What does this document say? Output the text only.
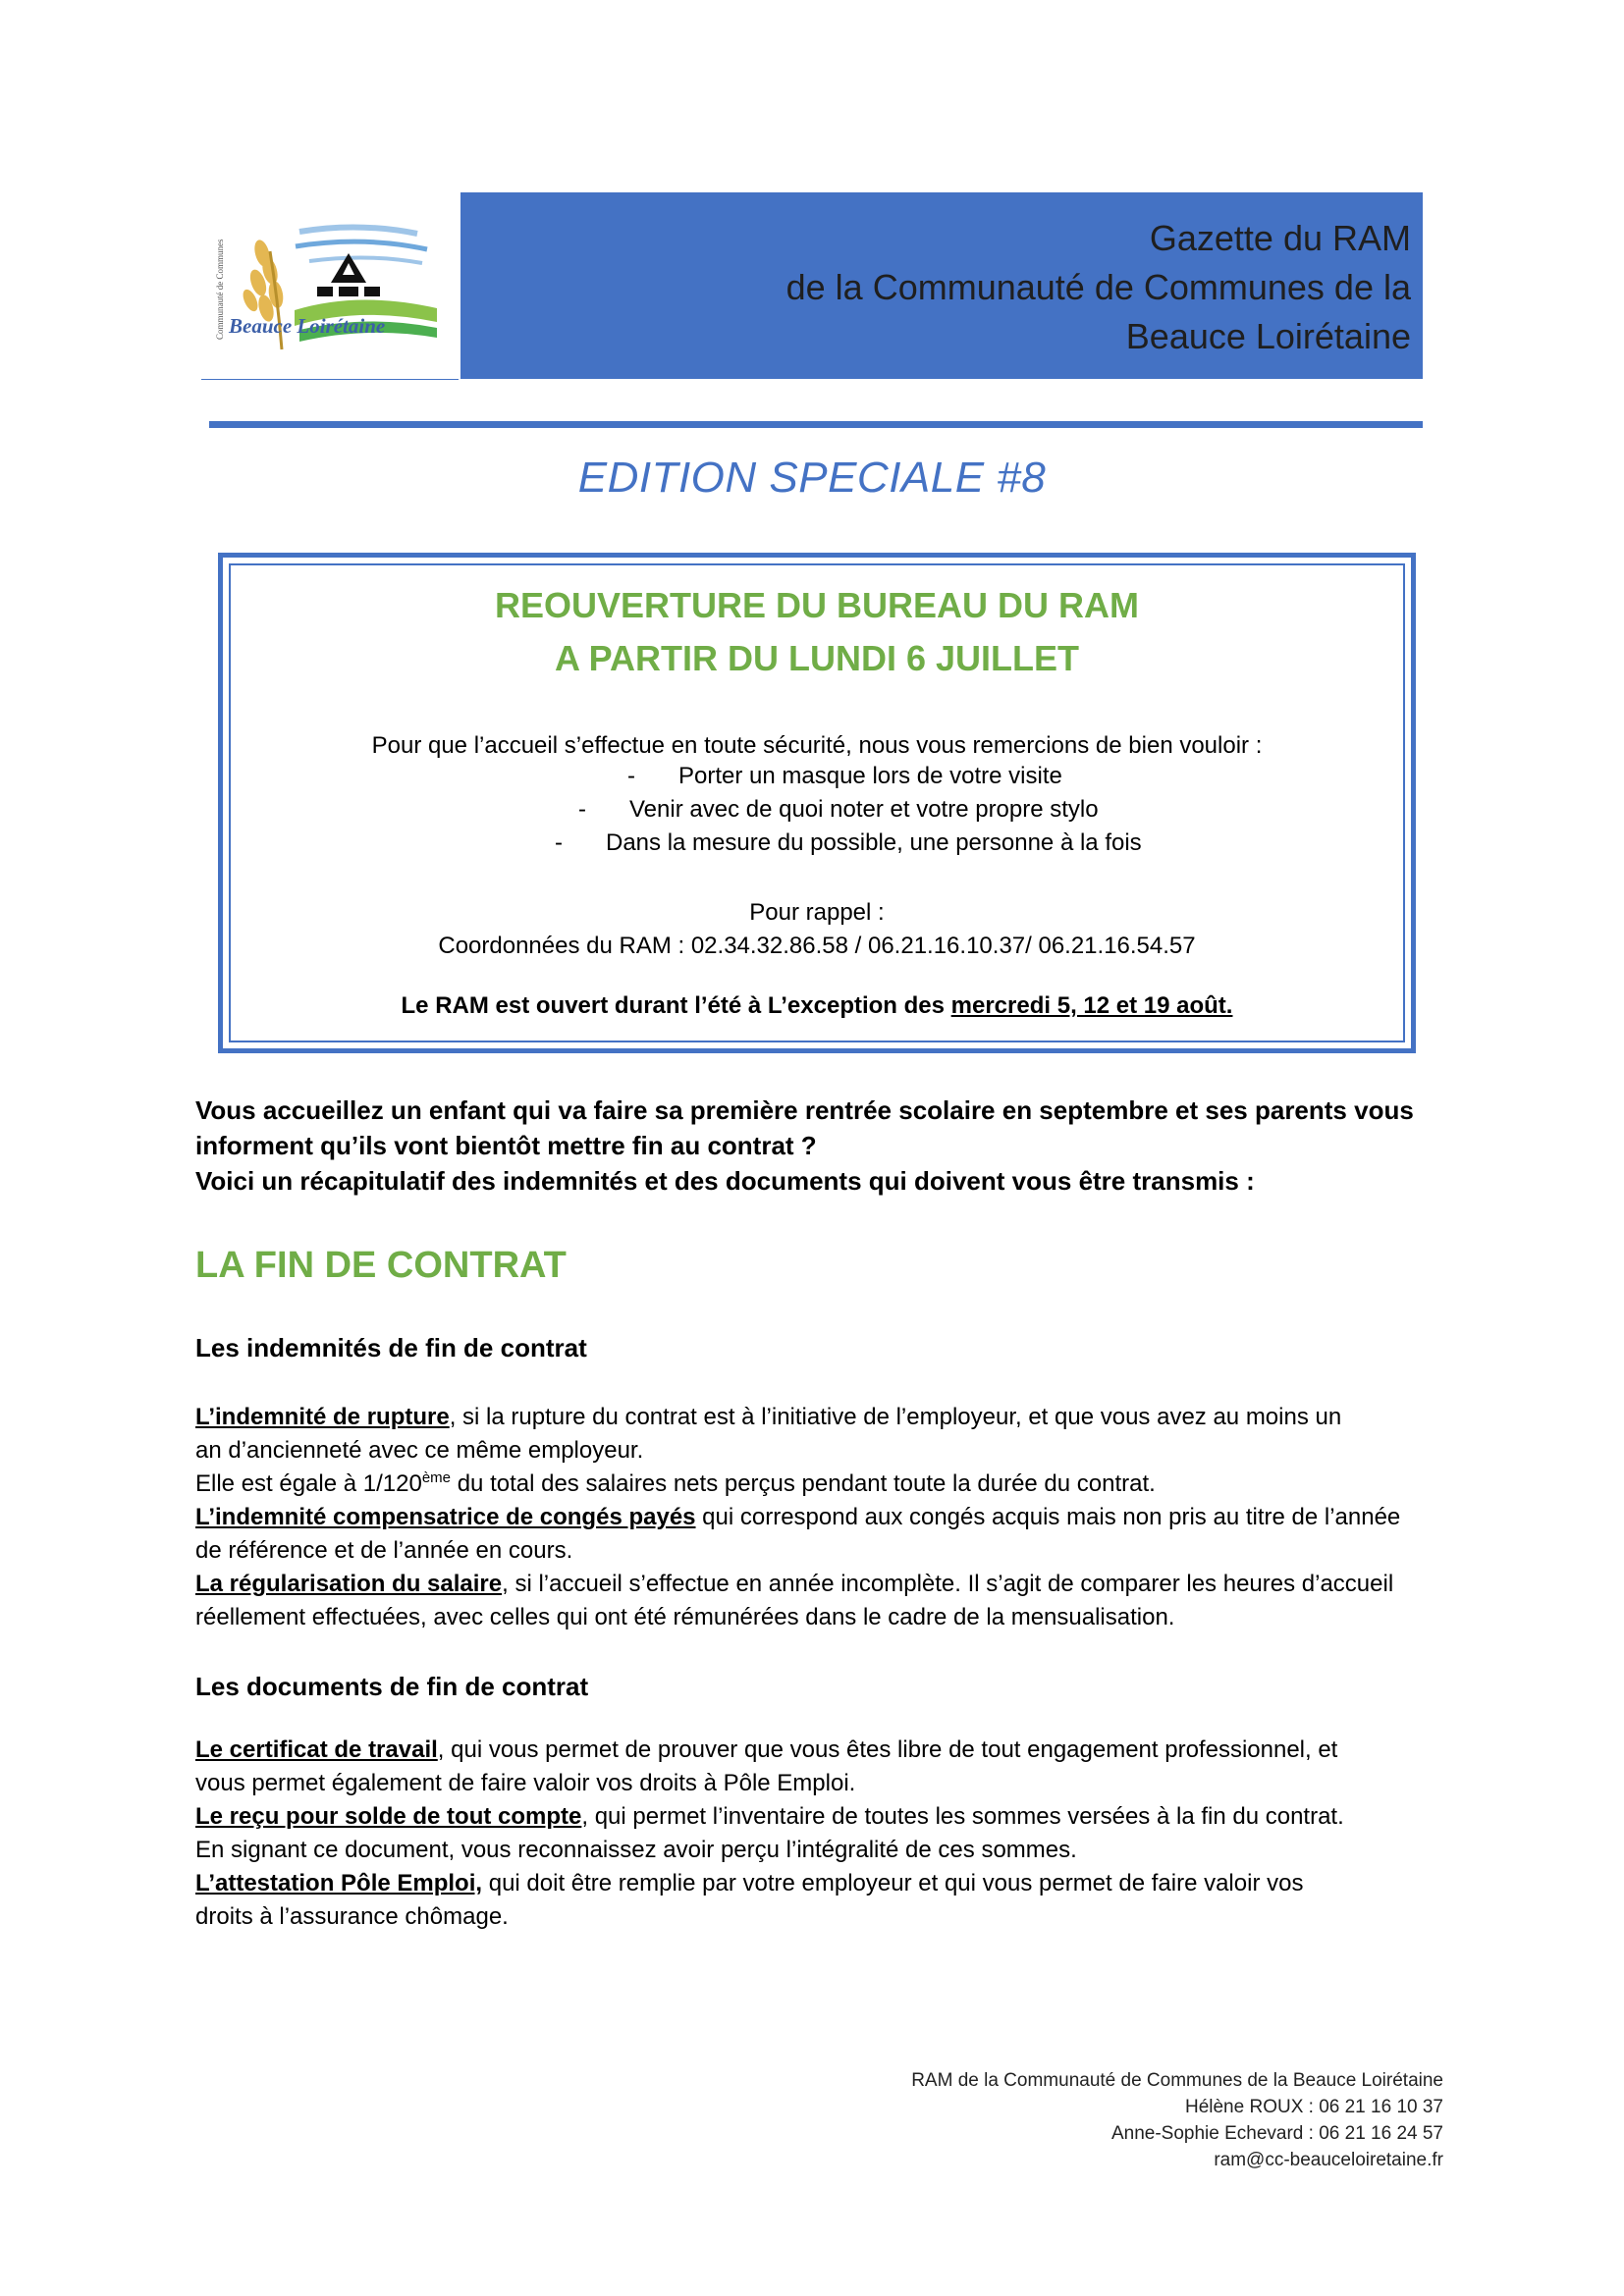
Communauté de Communes Beauce Loirétaine
Gazette du RAM
de la Communauté de Communes de la
Beauce Loirétaine
EDITION SPECIALE #8
REOUVERTURE DU BUREAU DU RAM
A PARTIR DU LUNDI 6 JUILLET
Pour que l’accueil s’effectue en toute sécurité, nous vous remercions de bien vouloir :
- Porter un masque lors de votre visite
- Venir avec de quoi noter et votre propre stylo
- Dans la mesure du possible, une personne à la fois
Pour rappel :
Coordonnées du RAM : 02.34.32.86.58 / 06.21.16.10.37/ 06.21.16.54.57
Le RAM est ouvert durant l’été à L’exception des mercredi 5, 12 et 19 août.
Vous accueillez un enfant qui va faire sa première rentrée scolaire en septembre et ses parents vous
informent qu’ils vont bientôt mettre fin au contrat ?
Voici un récapitulatif des indemnités et des documents qui doivent vous être transmis :
LA FIN DE CONTRAT
Les indemnités de fin de contrat
L’indemnité de rupture, si la rupture du contrat est à l’initiative de l’employeur, et que vous avez au moins un
an d’ancienneté avec ce même employeur.
Elle est égale à 1/120ème du total des salaires nets perçus pendant toute la durée du contrat.
L’indemnité compensatrice de congés payés qui correspond aux congés acquis mais non pris au titre de l’année
de référence et de l’année en cours.
La régularisation du salaire, si l’accueil s’effectue en année incomplète. Il s’agit de comparer les heures d’accueil
réellement effectuées, avec celles qui ont été rémunérées dans le cadre de la mensualisation.
Les documents de fin de contrat
Le certificat de travail, qui vous permet de prouver que vous êtes libre de tout engagement professionnel, et
vous permet également de faire valoir vos droits à Pôle Emploi.
Le reçu pour solde de tout compte, qui permet l’inventaire de toutes les sommes versées à la fin du contrat.
En signant ce document, vous reconnaissez avoir perçu l’intégralité de ces sommes.
L’attestation Pôle Emploi, qui doit être remplie par votre employeur et qui vous permet de faire valoir vos
droits à l’assurance chômage.
RAM de la Communauté de Communes de la Beauce Loirétaine
Hélène ROUX : 06 21 16 10 37
Anne-Sophie Echevard : 06 21 16 24 57
ram@cc-beauceloiretaine.fr
